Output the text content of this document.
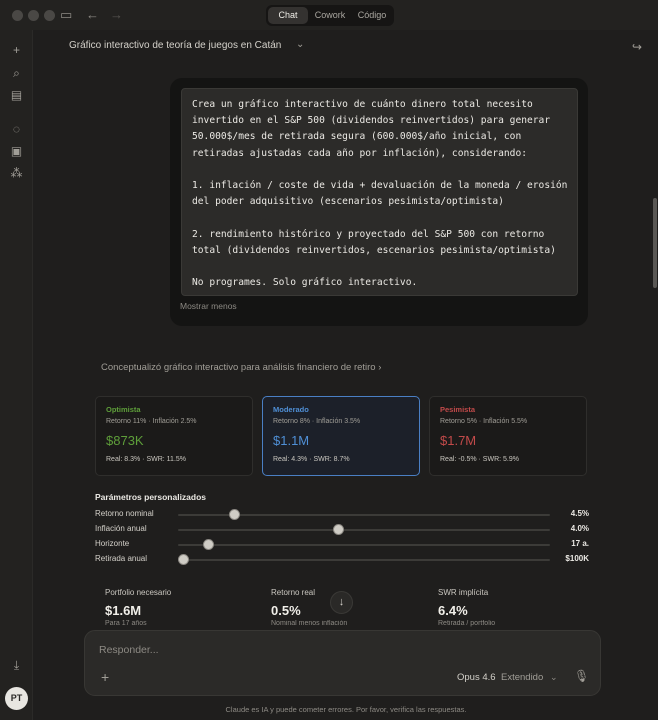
▭ ← →	Chat	Cowork	Código
+
⌕
▤
◌
▣
⁂
⤓
PT
Gráfico interactivo de teoría de juegos en Catán ⌄	↪
Crea un gráfico interactivo de cuánto dinero total necesito
invertido en el S&P 500 (dividendos reinvertidos) para generar
50.000$/mes de retirada segura (600.000$/año inicial, con
retiradas ajustadas cada año por inflación), considerando:
1. inflación / coste de vida + devaluación de la moneda / erosión
del poder adquisitivo (escenarios pesimista/optimista)
2. rendimiento histórico y proyectado del S&P 500 con retorno
total (dividendos reinvertidos, escenarios pesimista/optimista)
No programes. Solo gráfico interactivo.
Mostrar menos
Conceptualizó gráfico interactivo para análisis financiero de retiro ›
Optimista
Retorno 11% · Inflación 2.5%
$873K
Real: 8.3% · SWR: 11.5%
Moderado
Retorno 8% · Inflación 3.5%
$1.1M
Real: 4.3% · SWR: 8.7%
Pesimista
Retorno 5% · Inflación 5.5%
$1.7M
Real: -0.5% · SWR: 5.9%
Parámetros personalizados
Retorno nominal	4.5%
Inflación anual	4.0%
Horizonte	17 a.
Retirada anual	$100K
Portfolio necesario
$1.6M
Para 17 años
Retorno real
0.5%
Nominal menos inflación
SWR implícita
6.4%
Retirada / portfolio
↓
Responder...
+	Opus 4.6 Extendido ⌄ 🎙︎
Claude es IA y puede cometer errores. Por favor, verifica las respuestas.
